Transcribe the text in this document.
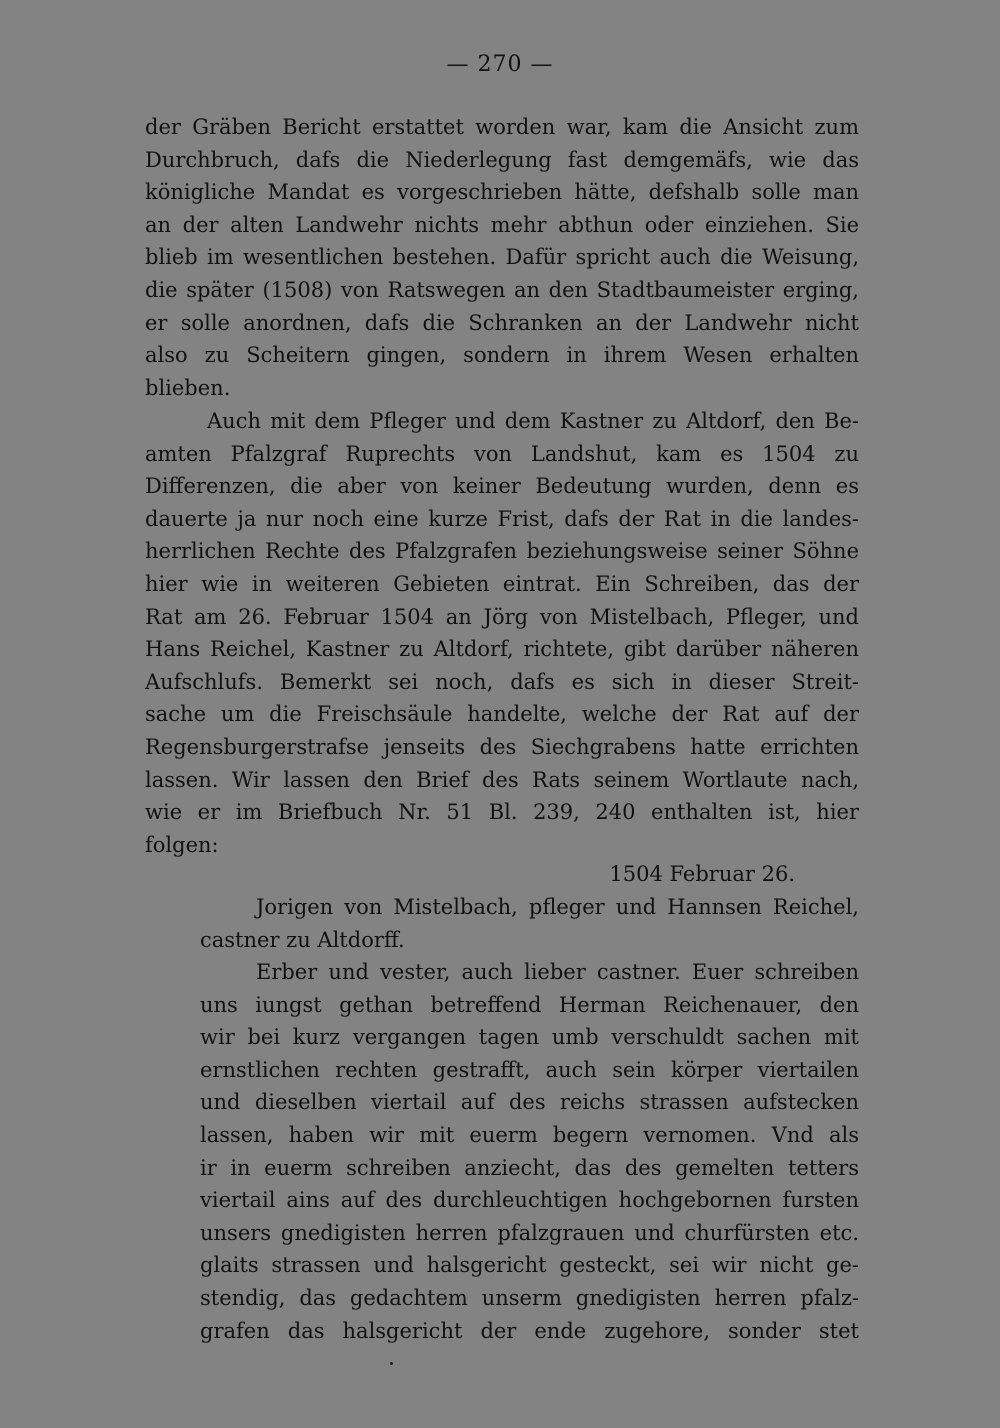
— 270 —
der Gräben Bericht erstattet worden war, kam die Ansicht zum
Durchbruch, dafs die Niederlegung fast demgemäfs, wie das
königliche Mandat es vorgeschrieben hätte, defshalb solle man
an der alten Landwehr nichts mehr abthun oder einziehen. Sie
blieb im wesentlichen bestehen. Dafür spricht auch die Weisung,
die später (1508) von Ratswegen an den Stadtbaumeister erging,
er solle anordnen, dafs die Schranken an der Landwehr nicht
also zu Scheitern gingen, sondern in ihrem Wesen erhalten
blieben.
Auch mit dem Pfleger und dem Kastner zu Altdorf, den Be-
amten Pfalzgraf Ruprechts von Landshut, kam es 1504 zu
Differenzen, die aber von keiner Bedeutung wurden, denn es
dauerte ja nur noch eine kurze Frist, dafs der Rat in die landes-
herrlichen Rechte des Pfalzgrafen beziehungsweise seiner Söhne
hier wie in weiteren Gebieten eintrat. Ein Schreiben, das der
Rat am 26. Februar 1504 an Jörg von Mistelbach, Pfleger, und
Hans Reichel, Kastner zu Altdorf, richtete, gibt darüber näheren
Aufschlufs. Bemerkt sei noch, dafs es sich in dieser Streit-
sache um die Freischsäule handelte, welche der Rat auf der
Regensburgerstrafse jenseits des Siechgrabens hatte errichten
lassen. Wir lassen den Brief des Rats seinem Wortlaute nach,
wie er im Briefbuch Nr. 51 Bl. 239, 240 enthalten ist, hier
folgen:
1504 Februar 26.
Jorigen von Mistelbach, pfleger und Hannsen Reichel,
castner zu Altdorff.
Erber und vester, auch lieber castner. Euer schreiben
uns iungst gethan betreffend Herman Reichenauer, den
wir bei kurz vergangen tagen umb verschuldt sachen mit
ernstlichen rechten gestrafft, auch sein körper viertailen
und dieselben viertail auf des reichs strassen aufstecken
lassen, haben wir mit euerm begern vernomen. Vnd als
ir in euerm schreiben anziecht, das des gemelten tetters
viertail ains auf des durchleuchtigen hochgebornen fursten
unsers gnedigisten herren pfalzgrauen und churfürsten etc.
glaits strassen und halsgericht gesteckt, sei wir nicht ge-
stendig, das gedachtem unserm gnedigisten herren pfalz-
grafen das halsgericht der ende zugehore, sonder stet
